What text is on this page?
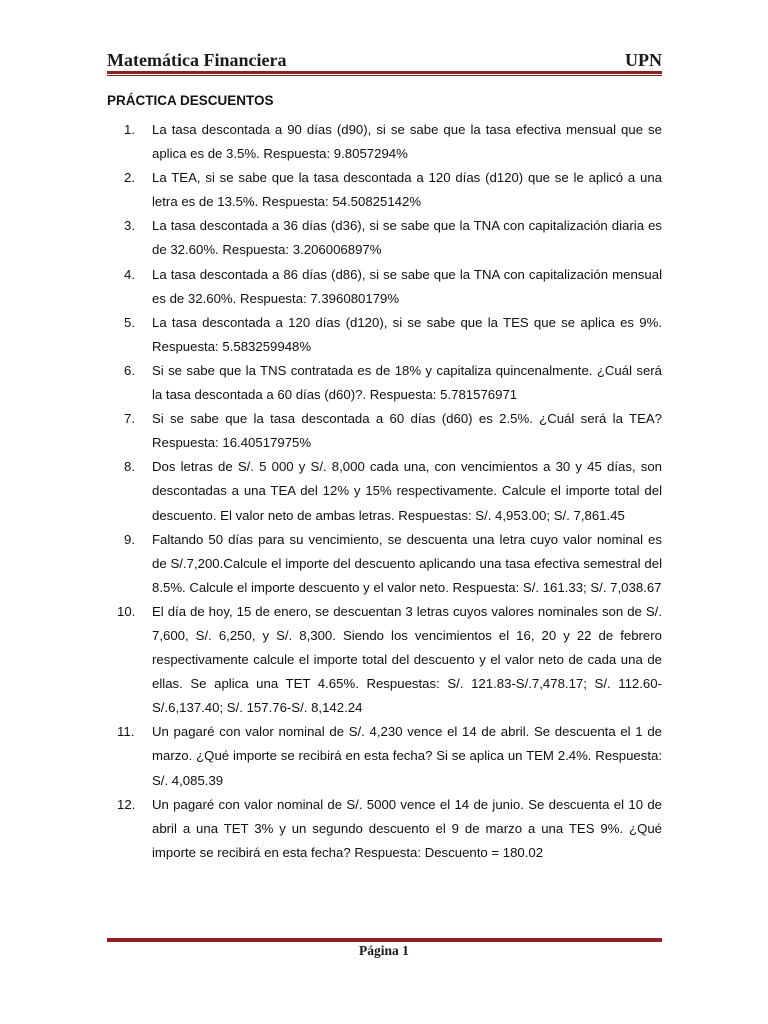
Matemática Financiera	UPN
PRÁCTICA DESCUENTOS
1.	La tasa descontada a 90 días (d90), si se sabe que la tasa efectiva mensual que se aplica es de 3.5%. Respuesta: 9.8057294%
2.	La TEA, si se sabe que la tasa descontada a 120 días (d120) que se le aplicó a una letra es de 13.5%. Respuesta: 54.50825142%
3.	La tasa descontada a 36 días (d36), si se sabe que la TNA con capitalización diaria es de 32.60%. Respuesta: 3.206006897%
4.	La tasa descontada a 86 días (d86), si se sabe que la TNA con capitalización mensual es de 32.60%. Respuesta: 7.396080179%
5.	La tasa descontada a 120 días (d120), si se sabe que la TES que se aplica es 9%. Respuesta: 5.583259948%
6.	Si se sabe que la TNS contratada es de 18% y capitaliza quincenalmente. ¿Cuál será la tasa descontada a 60 días (d60)?. Respuesta: 5.781576971
7.	Si se sabe que la tasa descontada a 60 días (d60) es 2.5%. ¿Cuál será la TEA? Respuesta: 16.40517975%
8.	Dos letras de S/. 5 000 y S/. 8,000 cada una, con vencimientos a 30 y 45 días, son descontadas a una TEA del 12% y 15% respectivamente. Calcule el importe total del descuento. El valor neto de ambas letras. Respuestas: S/. 4,953.00; S/. 7,861.45
9.	Faltando 50 días para su vencimiento, se descuenta una letra cuyo valor nominal es de S/.7,200.Calcule el importe del descuento aplicando una tasa efectiva semestral del 8.5%. Calcule el importe descuento y el valor neto. Respuesta: S/. 161.33; S/. 7,038.67
10.	El día de hoy, 15 de enero, se descuentan 3 letras cuyos valores nominales son de S/. 7,600, S/. 6,250, y S/. 8,300. Siendo los vencimientos el 16, 20 y 22 de febrero respectivamente calcule el importe total del descuento y el valor neto de cada una de ellas. Se aplica una TET 4.65%. Respuestas: S/. 121.83-S/.7,478.17; S/. 112.60-S/.6,137.40; S/. 157.76-S/. 8,142.24
11.	Un pagaré con valor nominal de S/. 4,230 vence el 14 de abril. Se descuenta el 1 de marzo. ¿Qué importe se recibirá en esta fecha? Si se aplica un TEM 2.4%. Respuesta: S/. 4,085.39
12.	Un pagaré con valor nominal de S/. 5000 vence el 14 de junio. Se descuenta el 10 de abril a una TET 3% y un segundo descuento el 9 de marzo a una TES 9%. ¿Qué importe se recibirá en esta fecha? Respuesta: Descuento = 180.02
Página 1
